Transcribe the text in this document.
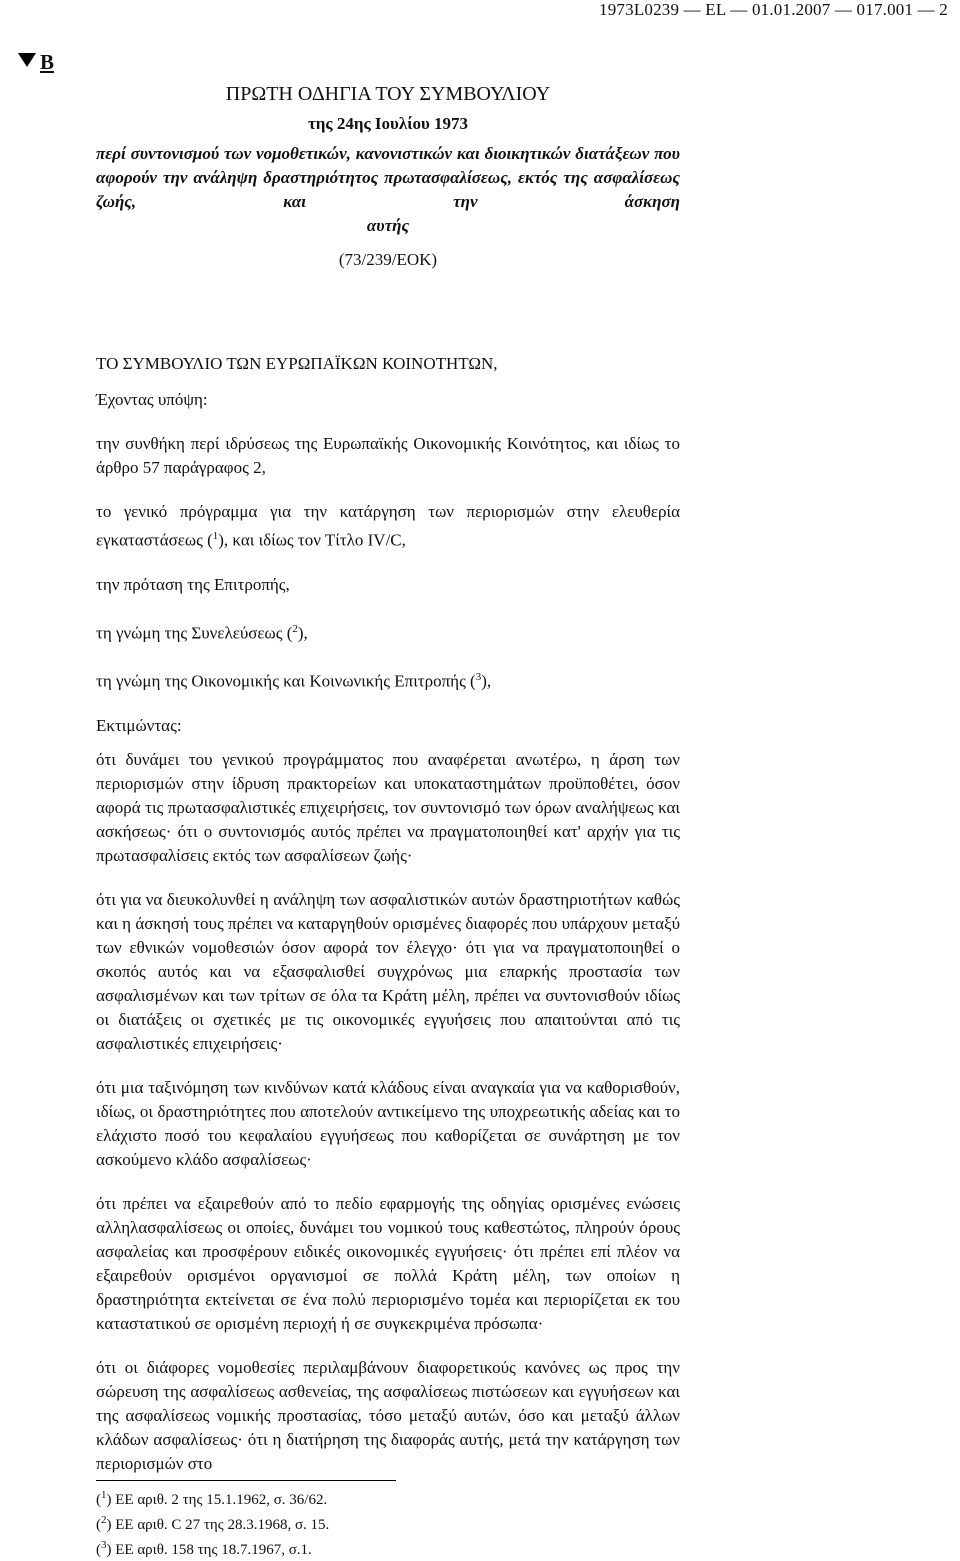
1973L0239 — EL — 01.01.2007 — 017.001 — 2
B
ΠΡΩΤΗ ΟΔΗΓΙΑ ΤΟΥ ΣΥΜΒΟΥΛΙΟΥ
της 24ης Ιουλίου 1973
περί συντονισμού των νομοθετικών, κανονιστικών και διοικητικών διατάξεων που αφορούν την ανάληψη δραστηριότητος πρωτασφαλίσεως, εκτός της ασφαλίσεως ζωής, και την άσκηση
αυτής
(73/239/ΕΟΚ)
ΤΟ ΣΥΜΒΟΥΛΙΟ ΤΩΝ ΕΥΡΩΠΑΪΚΩΝ ΚΟΙΝΟΤΗΤΩΝ,

Έχοντας υπόψη:

την συνθήκη περί ιδρύσεως της Ευρωπαϊκής Οικονομικής Κοινότητος, και ιδίως το άρθρο 57 παράγραφος 2,

το γενικό πρόγραμμα για την κατάργηση των περιορισμών στην ελευθερία εγκαταστάσεως ($^1$), και ιδίως τον Τίτλο IV/C,

την πρόταση της Επιτροπής,

τη γνώμη της Συνελεύσεως ($^2$),

τη γνώμη της Οικονομικής και Κοινωνικής Επιτροπής ($^3$),

Εκτιμώντας:

ότι δυνάμει του γενικού προγράμματος που αναφέρεται ανωτέρω, η άρση των περιορισμών στην ίδρυση πρακτορείων και υποκαταστημάτων προϋποθέτει, όσον αφορά τις πρωτασφαλιστικές επιχειρήσεις, τον συντονισμό των όρων αναλήψεως και ασκήσεως· ότι ο συντονισμός αυτός πρέπει να πραγματοποιηθεί κατ' αρχήν για τις πρωτασφαλίσεις εκτός των ασφαλίσεων ζωής·

ότι για να διευκολυνθεί η ανάληψη των ασφαλιστικών αυτών δραστηριοτήτων καθώς και η άσκησή τους πρέπει να καταργηθούν ορισμένες διαφορές που υπάρχουν μεταξύ των εθνικών νομοθεσιών όσον αφορά τον έλεγχο· ότι για να πραγματοποιηθεί ο σκοπός αυτός και να εξασφαλισθεί συγχρόνως μια επαρκής προστασία των ασφαλισμένων και των τρίτων σε όλα τα Κράτη μέλη, πρέπει να συντονισθούν ιδίως οι διατάξεις οι σχετικές με τις οικονομικές εγγυήσεις που απαιτούνται από τις ασφαλιστικές επιχειρήσεις·

ότι μια ταξινόμηση των κινδύνων κατά κλάδους είναι αναγκαία για να καθορισθούν, ιδίως, οι δραστηριότητες που αποτελούν αντικείμενο της υποχρεωτικής αδείας και το ελάχιστο ποσό του κεφαλαίου εγγυήσεως που καθορίζεται σε συνάρτηση με τον ασκούμενο κλάδο ασφαλίσεως·

ότι πρέπει να εξαιρεθούν από το πεδίο εφαρμογής της οδηγίας ορισμένες ενώσεις αλληλασφαλίσεως οι οποίες, δυνάμει του νομικού τους καθεστώτος, πληρούν όρους ασφαλείας και προσφέρουν ειδικές οικονομικές εγγυήσεις· ότι πρέπει επί πλέον να εξαιρεθούν ορισμένοι οργανισμοί σε πολλά Κράτη μέλη, των οποίων η δραστηριότητα εκτείνεται σε ένα πολύ περιορισμένο τομέα και περιορίζεται εκ του καταστατικού σε ορισμένη περιοχή ή σε συγκεκριμένα πρόσωπα·

ότι οι διάφορες νομοθεσίες περιλαμβάνουν διαφορετικούς κανόνες ως προς την σώρευση της ασφαλίσεως ασθενείας, της ασφαλίσεως πιστώσεων και εγγυήσεων και της ασφαλίσεως νομικής προστασίας, τόσο μεταξύ αυτών, όσο και μεταξύ άλλων κλάδων ασφαλίσεως· ότι η διατήρηση της διαφοράς αυτής, μετά την κατάργηση των περιορισμών στο

($^1$) ΕΕ αριθ. 2 της 15.1.1962, σ. 36/62.
($^2$) ΕΕ αριθ. C 27 της 28.3.1968, σ. 15.
($^3$) ΕΕ αριθ. 158 της 18.7.1967, σ.1.
